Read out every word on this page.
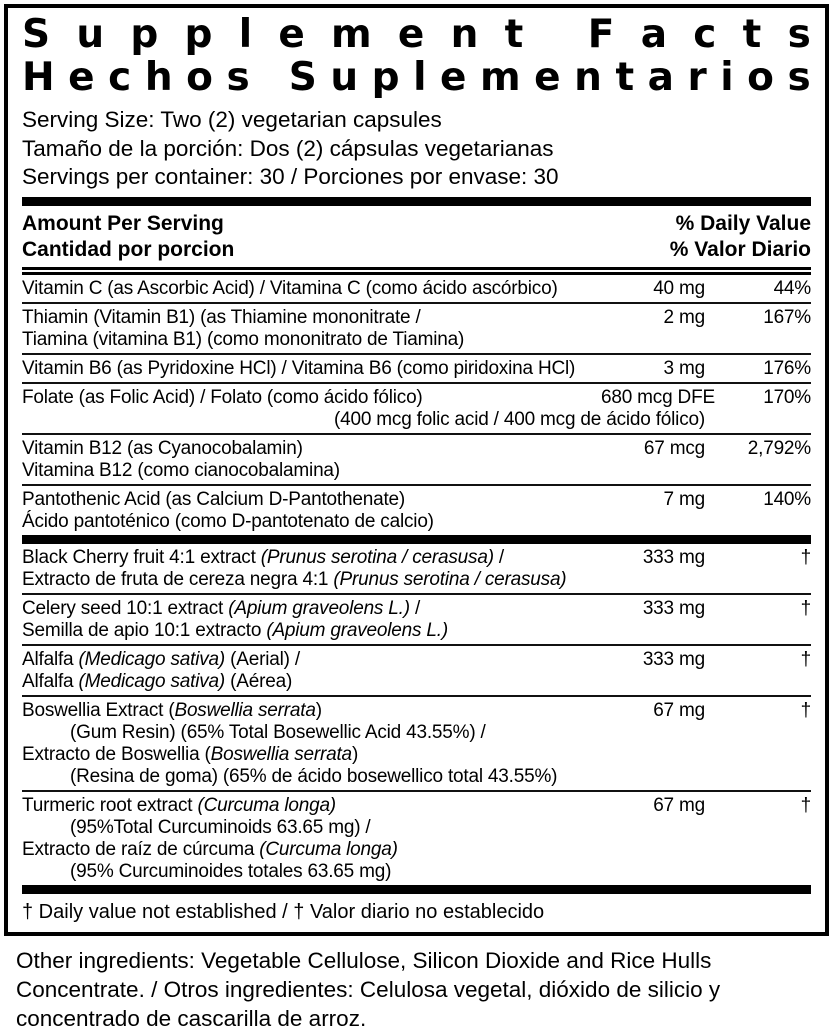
S u p p l e m e n t
F a c t s
H e c h o s
S u p l e m e n t a r i o s
Serving Size: Two (2) vegetarian capsules
Tamaño de la porción: Dos (2) cápsulas vegetarianas
Servings per container: 30 / Porciones por envase: 30
Amount Per Serving
Cantidad por porcion
% Daily Value
% Valor Diario
Vitamin C (as Ascorbic Acid) / Vitamina C (como ácido ascórbico)	40 mg	44%
Thiamin (Vitamin B1) (as Thiamine mononitrate /	2 mg	167%
Tiamina (vitamina B1) (como mononitrato de Tiamina)
Vitamin B6 (as Pyridoxine HCl) / Vitamina B6 (como piridoxina HCl)	3 mg	176%
Folate (as Folic Acid) / Folato (como ácido fólico)	680 mcg DFE	170%
(400 mcg folic acid / 400 mcg de ácido fólico)
Vitamin B12 (as Cyanocobalamin)	67 mcg	2,792%
Vitamina B12 (como cianocobalamina)
Pantothenic Acid (as Calcium D-Pantothenate)	7 mg	140%
Ácido pantoténico (como D-pantotenato de calcio)
Black Cherry fruit 4:1 extract (Prunus serotina / cerasusa) /	333 mg	†
Extracto de fruta de cereza negra 4:1 (Prunus serotina / cerasusa)
Celery seed 10:1 extract (Apium graveolens L.) /	333 mg	†
Semilla de apio 10:1 extracto (Apium graveolens L.)
Alfalfa (Medicago sativa) (Aerial) /	333 mg	†
Alfalfa (Medicago sativa) (Aérea)
Boswellia Extract (Boswellia serrata)	67 mg	†
(Gum Resin) (65% Total Bosewellic Acid 43.55%) /
Extracto de Boswellia (Boswellia serrata)
(Resina de goma) (65% de ácido bosewellico total 43.55%)
Turmeric root extract (Curcuma longa)	67 mg	†
(95%Total Curcuminoids 63.65 mg) /
Extracto de raíz de cúrcuma (Curcuma longa)
(95% Curcuminoides totales 63.65 mg)
† Daily value not established / † Valor diario no establecido
Other ingredients: Vegetable Cellulose, Silicon Dioxide and Rice Hulls
Concentrate. / Otros ingredientes: Celulosa vegetal, dióxido de silicio y
concentrado de cascarilla de arroz.
